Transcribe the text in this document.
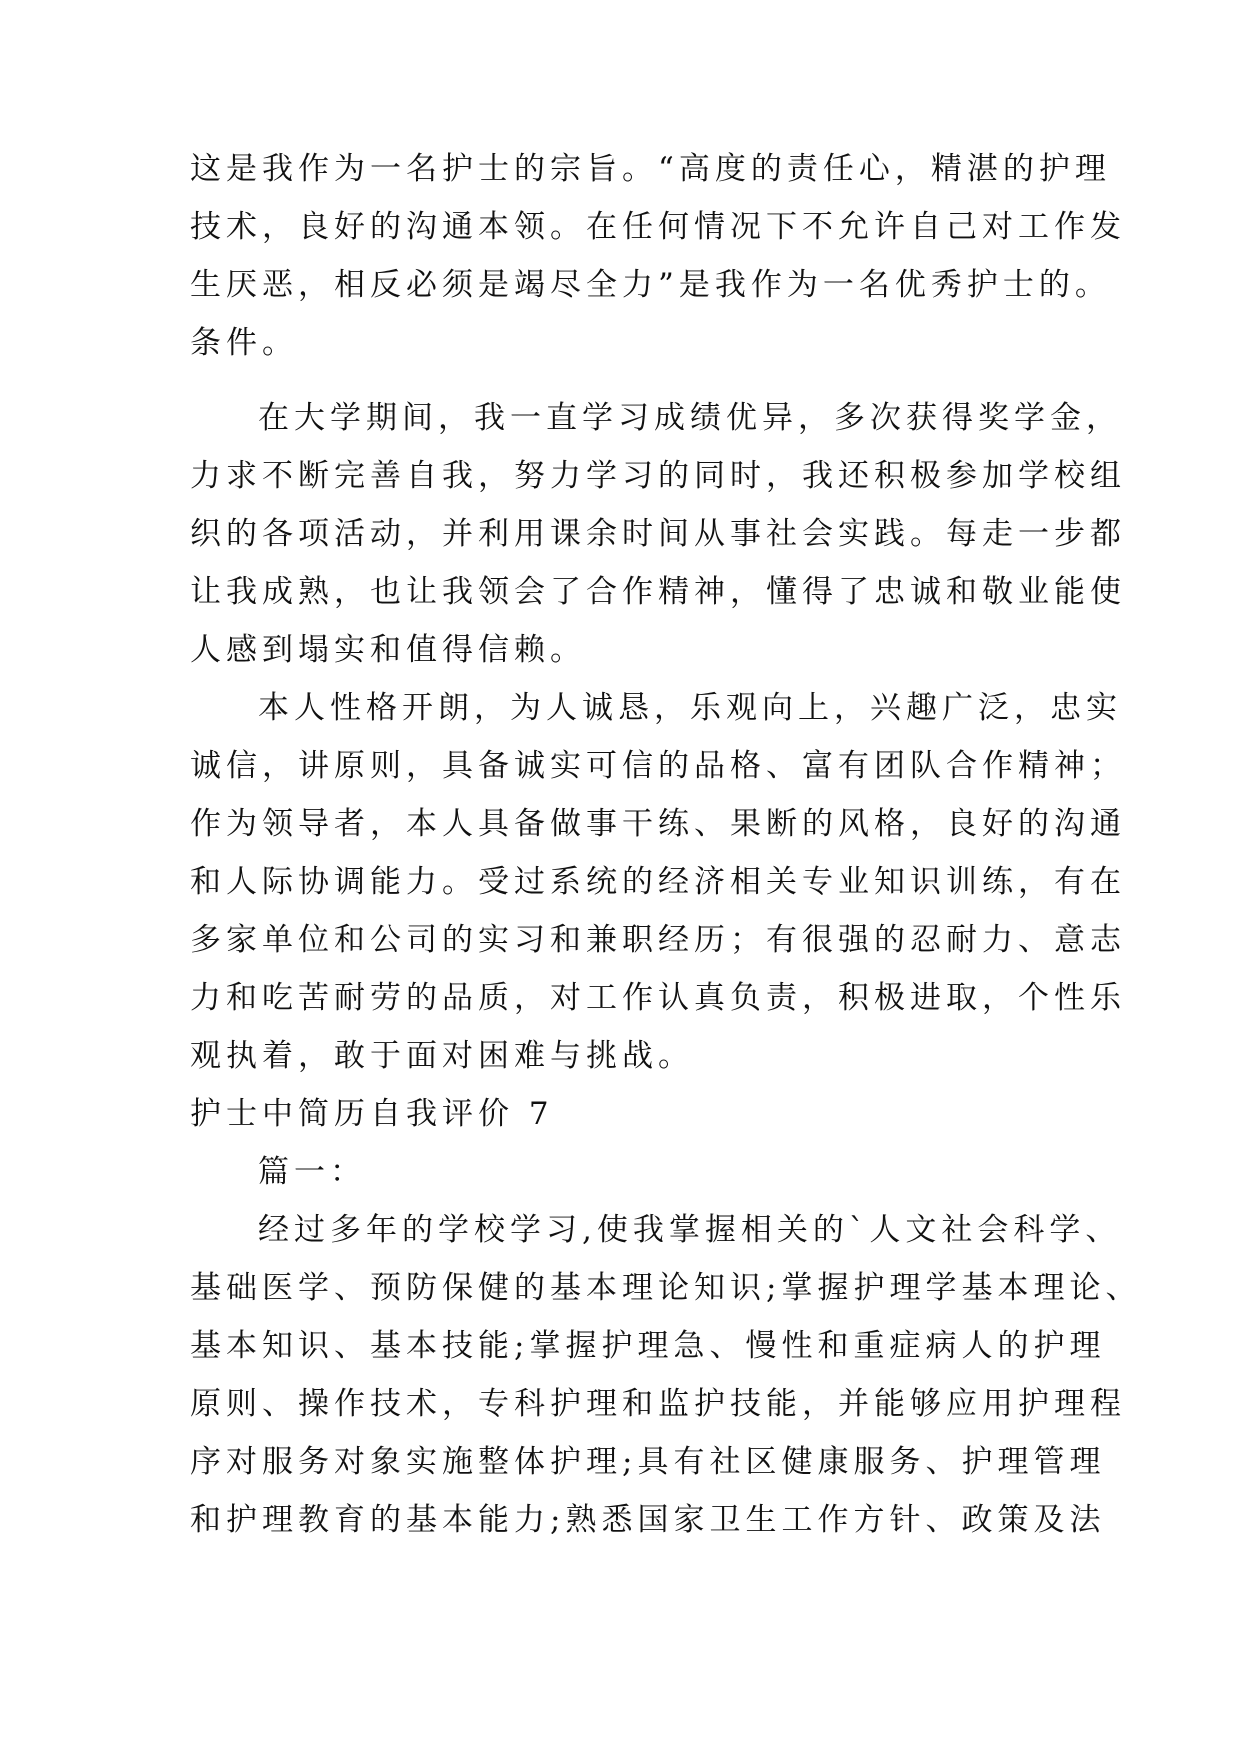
这是我作为一名护士的宗旨。“高度的责任心，精湛的护理
技术，良好的沟通本领。在任何情况下不允许自己对工作发
生厌恶，相反必须是竭尽全力”是我作为一名优秀护士的。
条件。
在大学期间，我一直学习成绩优异，多次获得奖学金，
力求不断完善自我，努力学习的同时，我还积极参加学校组
织的各项活动，并利用课余时间从事社会实践。每走一步都
让我成熟，也让我领会了合作精神，懂得了忠诚和敬业能使
人感到塌实和值得信赖。
本人性格开朗，为人诚恳，乐观向上，兴趣广泛，忠实
诚信，讲原则，具备诚实可信的品格、富有团队合作精神；
作为领导者，本人具备做事干练、果断的风格，良好的沟通
和人际协调能力。受过系统的经济相关专业知识训练，有在
多家单位和公司的实习和兼职经历；有很强的忍耐力、意志
力和吃苦耐劳的品质，对工作认真负责，积极进取，个性乐
观执着，敢于面对困难与挑战。
护士中简历自我评价 7
篇一：
经过多年的学校学习,使我掌握相关的`人文社会科学、
基础医学、预防保健的基本理论知识;掌握护理学基本理论、
基本知识、基本技能;掌握护理急、慢性和重症病人的护理
原则、操作技术，专科护理和监护技能，并能够应用护理程
序对服务对象实施整体护理;具有社区健康服务、护理管理
和护理教育的基本能力;熟悉国家卫生工作方针、政策及法
